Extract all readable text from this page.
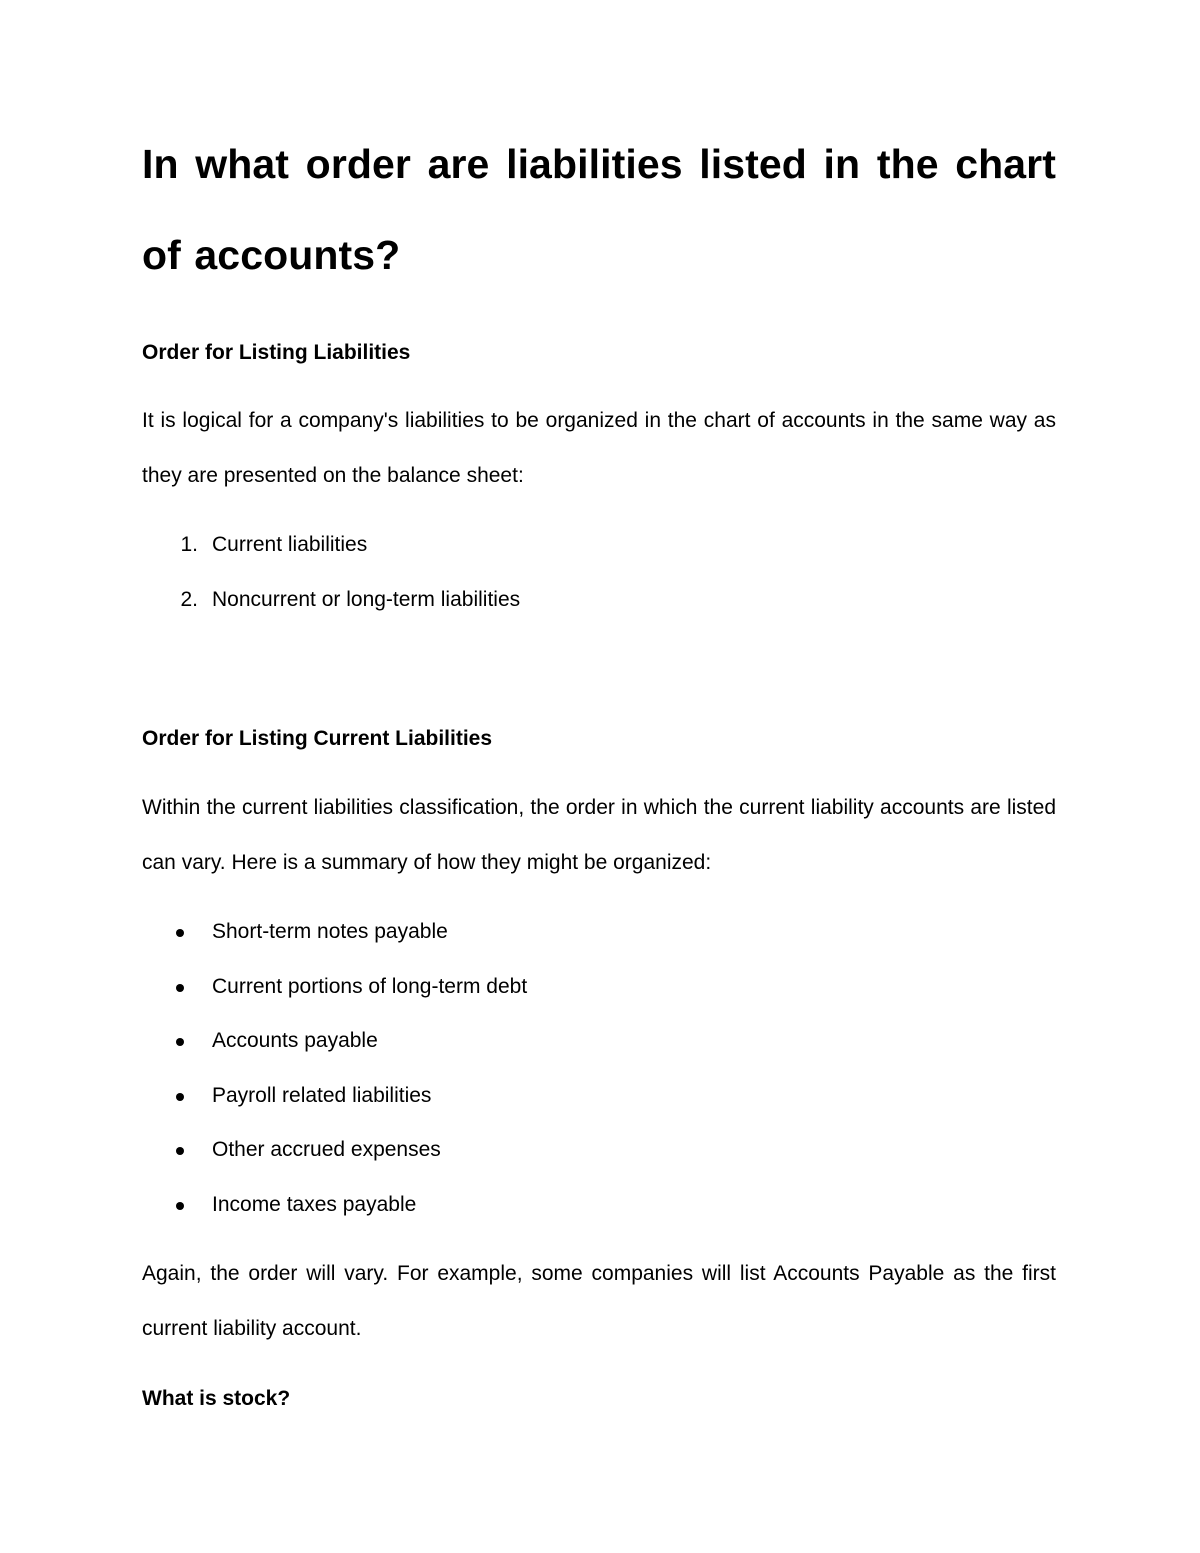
In what order are liabilities listed in the chart of accounts?
Order for Listing Liabilities

It is logical for a company's liabilities to be organized in the chart of accounts in the same way as they are presented on the balance sheet:

1. Current liabilities
2. Noncurrent or long-term liabilities
Order for Listing Current Liabilities

Within the current liabilities classification, the order in which the current liability accounts are listed can vary. Here is a summary of how they might be organized:

Short-term notes payable
Current portions of long-term debt
Accounts payable
Payroll related liabilities
Other accrued expenses
Income taxes payable

Again, the order will vary. For example, some companies will list Accounts Payable as the first current liability account.

What is stock?
